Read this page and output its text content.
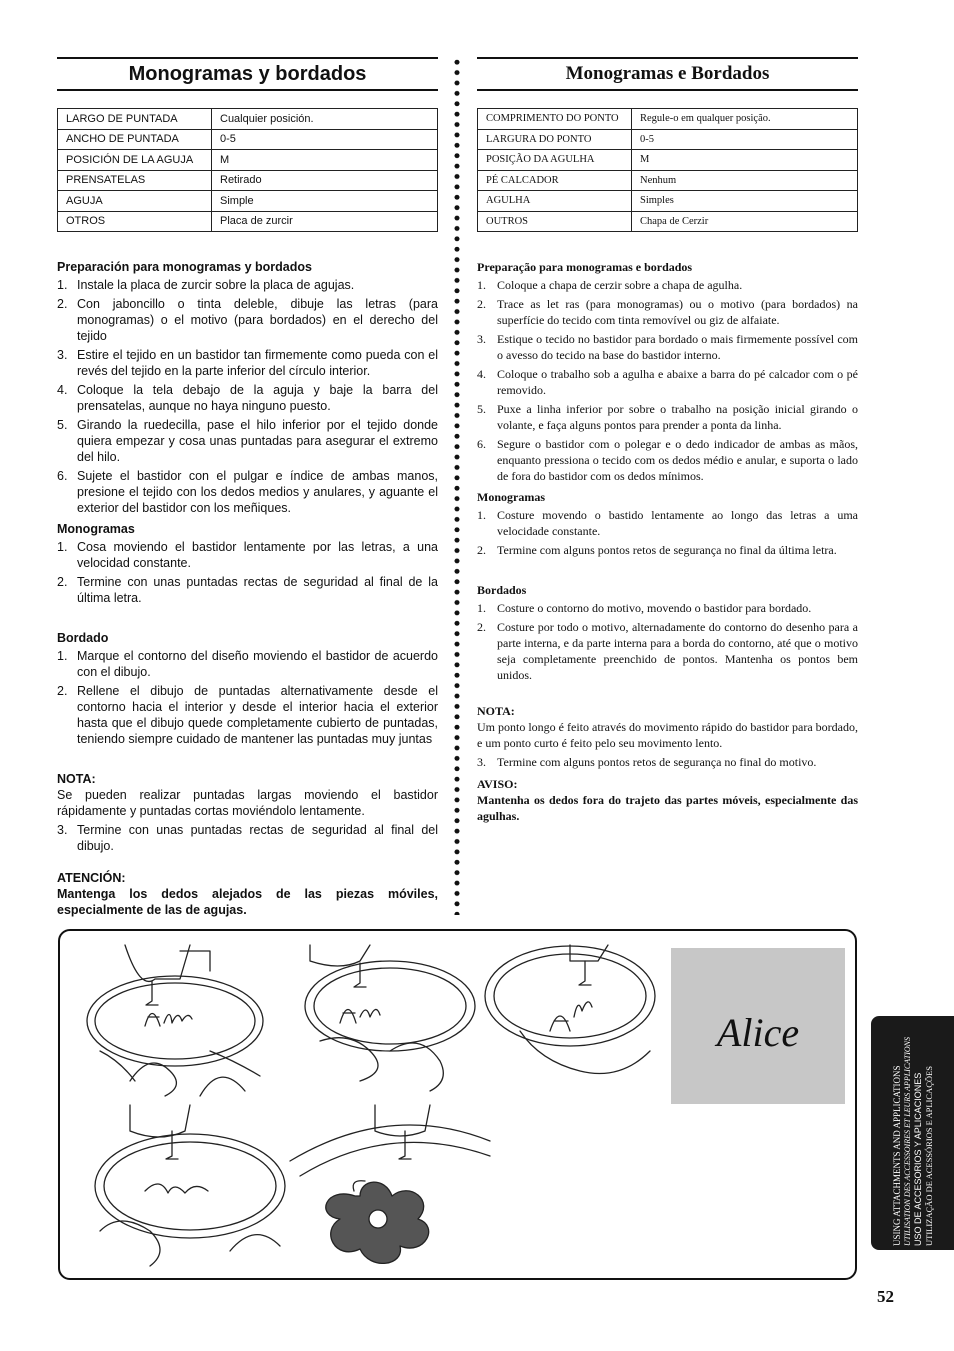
Monogramas y bordados
LARGO DE PUNTADA	Cualquier posición.
ANCHO DE PUNTADA	0-5
POSICIÓN DE LA AGUJA	M
PRENSATELAS	Retirado
AGUJA	Simple
OTROS	Placa de zurcir

Preparación para monogramas y bordados

1. Instale la placa de zurcir sobre la placa de agujas.
2. Con jaboncillo o tinta deleble, dibuje las letras (para monogramas) o el motivo (para bordados) en el derecho del tejido
3. Estire el tejido en un bastidor tan firmemente como pueda con el revés del tejido en la parte inferior del círculo interior.
4. Coloque la tela debajo de la aguja y baje la barra del prensatelas, aunque no haya ninguno puesto.
5. Girando la ruedecilla, pase el hilo inferior por el tejido donde quiera empezar y cosa unas puntadas para asegurar el extremo del hilo.
6. Sujete el bastidor con el pulgar e índice de ambas manos, presione el tejido con los dedos medios y anulares, y aguante el exterior del bastidor con los meñiques.

Monogramas

1. Cosa moviendo el bastidor lentamente por las letras, a una velocidad constante.
2. Termine con unas puntadas rectas de seguridad al final de la última letra.

Bordado

1. Marque el contorno del diseño moviendo el bastidor de acuerdo con el dibujo.
2. Rellene el dibujo de puntadas alternativamente desde el contorno hacia el interior y desde el interior hacia el exterior hasta que el dibujo quede completamente cubierto de puntadas, teniendo siempre cuidado de mantener las puntadas muy juntas

NOTA:

Se pueden realizar puntadas largas moviendo el bastidor rápidamente y puntadas cortas moviéndolo lentamente.

3. Termine con unas puntadas rectas de seguridad al final del dibujo.

ATENCIÓN:

Mantenga los dedos alejados de las piezas móviles, especialmente de las de agujas.

Monogramas e Bordados
COMPRIMENTO DO PONTO	Regule-o em qualquer posição.
LARGURA DO PONTO	0-5
POSIÇÃO DA AGULHA	M
PÉ CALCADOR	Nenhum
AGULHA	Simples
OUTROS	Chapa de Cerzir

Preparação para monogramas e bordados

1. Coloque a chapa de cerzir sobre a chapa de agulha.
2. Trace as let ras (para monogramas) ou o motivo (para bordados) na superfície do tecido com tinta removível ou giz de alfaiate.
3. Estique o tecido no bastidor para bordado o mais firmemente possível com o avesso do tecido na base do bastidor interno.
4. Coloque o trabalho sob a agulha e abaixe a barra do pé calcador com o pé removido.
5. Puxe a linha inferior por sobre o trabalho na posição inicial girando o volante, e faça alguns pontos para prender a ponta da linha.
6. Segure o bastidor com o polegar e o dedo indicador de ambas as mãos, enquanto pressiona o tecido com os dedos médio e anular, e suporta o lado de fora do bastidor com os dedos mínimos.

Monogramas

1. Costure movendo o bastido lentamente ao longo das letras a uma velocidade constante.
2. Termine com alguns pontos retos de segurança no final da última letra.

Bordados

1. Costure o contorno do motivo, movendo o bastidor para bordado.
2. Costure por todo o motivo, alternadamente do contorno do desenho para a parte interna, e da parte interna para a borda do contorno, até que o motivo seja completamente preenchido de pontos. Mantenha os pontos bem unidos.

NOTA:

Um ponto longo é feito através do movimento rápido do bastidor para bordado, e um ponto curto é feito pelo seu movimento lento.

3. Termine com alguns pontos retos de segurança no final do motivo.

AVISO:

Mantenha os dedos fora do trajeto das partes móveis, especialmente das agulhas.

Alice
USING ATTACHMENTS AND APPLICATIONS UTILISATION DES ACCESSOIRES ET LEURS APPLICATIONS USO DE ACCESORIOS Y APLICACIONES UTILIZAÇÃO DE ACESSÓRIOS E APLICAÇÕES
52
